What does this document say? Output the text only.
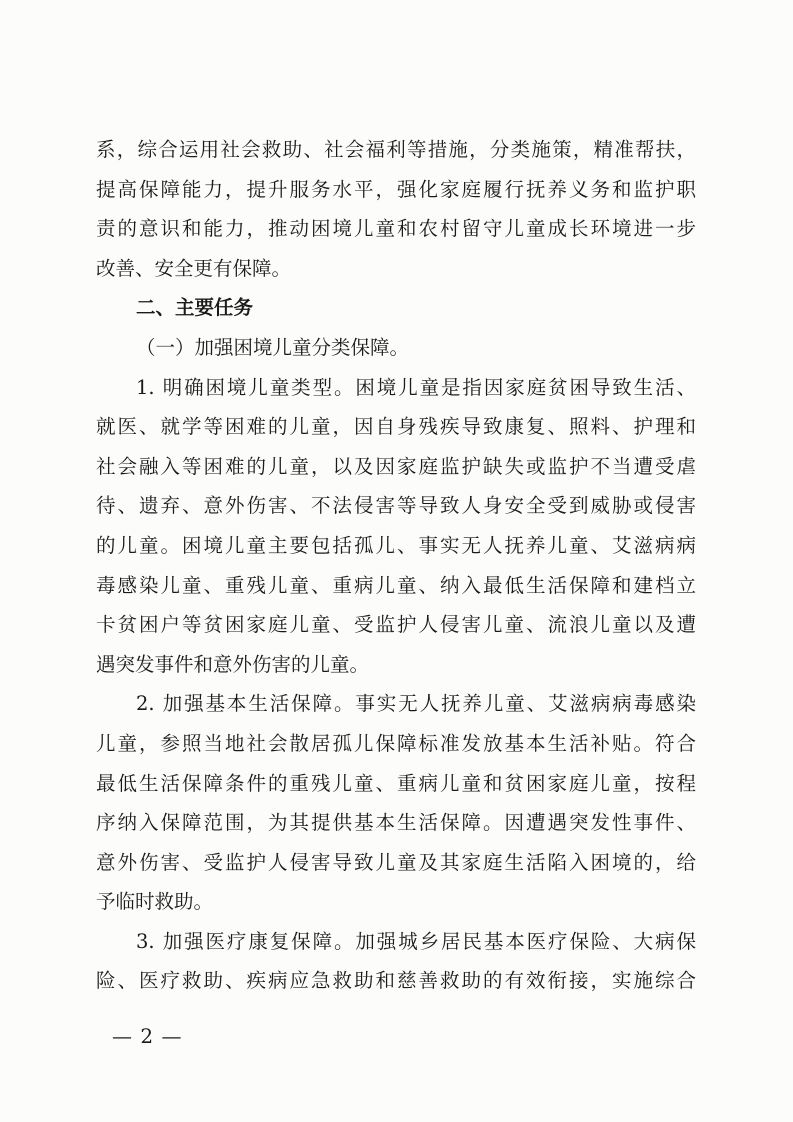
系，综合运用社会救助、社会福利等措施，分类施策，精准帮扶，
提高保障能力，提升服务水平，强化家庭履行抚养义务和监护职
责的意识和能力，推动困境儿童和农村留守儿童成长环境进一步
改善、安全更有保障。
二、主要任务
（一）加强困境儿童分类保障。
1. 明确困境儿童类型。困境儿童是指因家庭贫困导致生活、
就医、就学等困难的儿童，因自身残疾导致康复、照料、护理和
社会融入等困难的儿童，以及因家庭监护缺失或监护不当遭受虐
待、遗弃、意外伤害、不法侵害等导致人身安全受到威胁或侵害
的儿童。困境儿童主要包括孤儿、事实无人抚养儿童、艾滋病病
毒感染儿童、重残儿童、重病儿童、纳入最低生活保障和建档立
卡贫困户等贫困家庭儿童、受监护人侵害儿童、流浪儿童以及遭
遇突发事件和意外伤害的儿童。
2. 加强基本生活保障。事实无人抚养儿童、艾滋病病毒感染
儿童，参照当地社会散居孤儿保障标准发放基本生活补贴。符合
最低生活保障条件的重残儿童、重病儿童和贫困家庭儿童，按程
序纳入保障范围，为其提供基本生活保障。因遭遇突发性事件、
意外伤害、受监护人侵害导致儿童及其家庭生活陷入困境的，给
予临时救助。
3. 加强医疗康复保障。加强城乡居民基本医疗保险、大病保
险、医疗救助、疾病应急救助和慈善救助的有效衔接，实施综合
— 2 —
